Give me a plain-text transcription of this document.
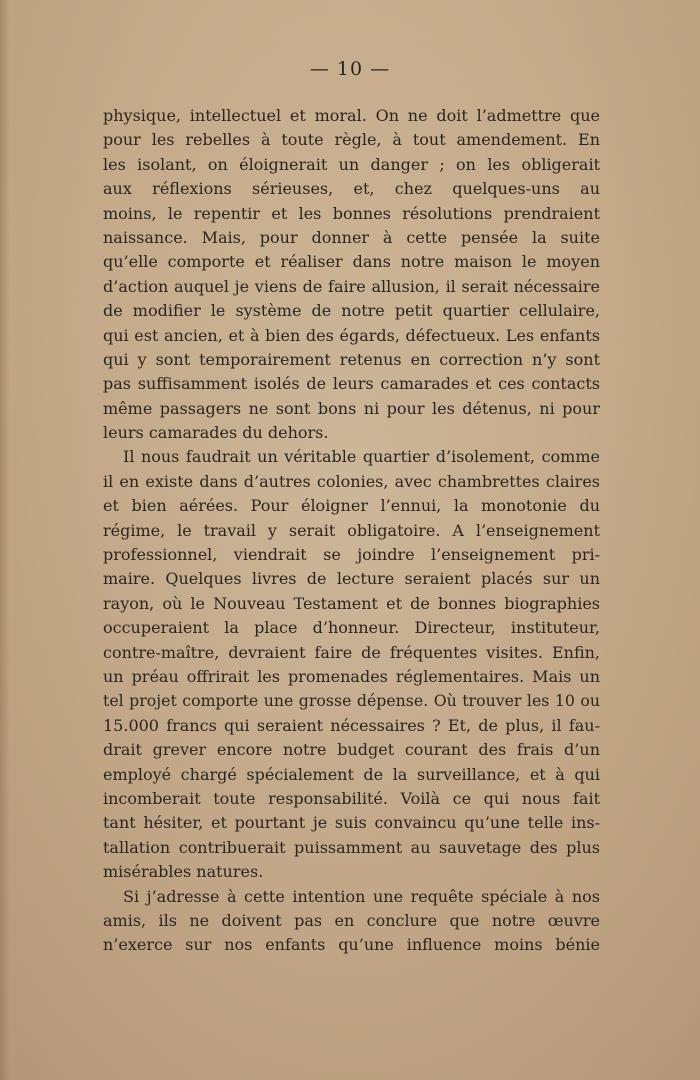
— 10 —
physique, intellectuel et moral. On ne doit l’admettre que
pour les rebelles à toute règle, à tout amendement. En
les isolant, on éloignerait un danger ; on les obligerait
aux réflexions sérieuses, et, chez quelques-uns au
moins, le repentir et les bonnes résolutions prendraient
naissance. Mais, pour donner à cette pensée la suite
qu’elle comporte et réaliser dans notre maison le moyen
d’action auquel je viens de faire allusion, il serait nécessaire
de modifier le système de notre petit quartier cellulaire,
qui est ancien, et à bien des égards, défectueux. Les enfants
qui y sont temporairement retenus en correction n’y sont
pas suffisamment isolés de leurs camarades et ces contacts
même passagers ne sont bons ni pour les détenus, ni pour
leurs camarades du dehors.
Il nous faudrait un véritable quartier d’isolement, comme
il en existe dans d’autres colonies, avec chambrettes claires
et bien aérées. Pour éloigner l’ennui, la monotonie du
régime, le travail y serait obligatoire. A l’enseignement
professionnel, viendrait se joindre l’enseignement pri-
maire. Quelques livres de lecture seraient placés sur un
rayon, où le Nouveau Testament et de bonnes biographies
occuperaient la place d’honneur. Directeur, instituteur,
contre-maître, devraient faire de fréquentes visites. Enfin,
un préau offrirait les promenades réglementaires. Mais un
tel projet comporte une grosse dépense. Où trouver les 10 ou
15.000 francs qui seraient nécessaires ? Et, de plus, il fau-
drait grever encore notre budget courant des frais d’un
employé chargé spécialement de la surveillance, et à qui
incomberait toute responsabilité. Voilà ce qui nous fait
tant hésiter, et pourtant je suis convaincu qu’une telle ins-
tallation contribuerait puissamment au sauvetage des plus
misérables natures.
Si j’adresse à cette intention une requête spéciale à nos
amis, ils ne doivent pas en conclure que notre œuvre
n’exerce sur nos enfants qu’une influence moins bénie
